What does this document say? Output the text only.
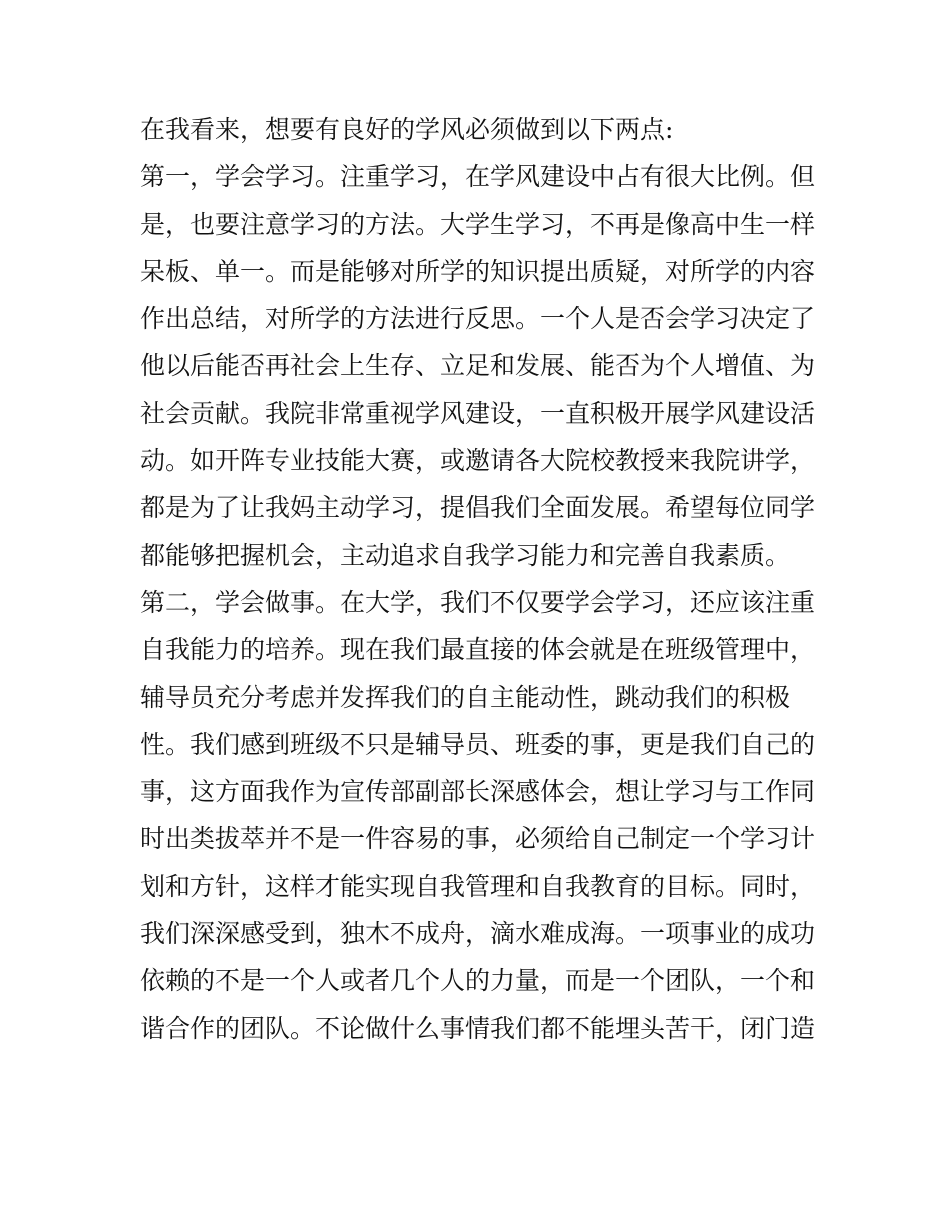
在我看来，想要有良好的学风必须做到以下两点:
第一，学会学习。注重学习，在学风建设中占有很大比例。但
是，也要注意学习的方法。大学生学习，不再是像高中生一样
呆板、单一。而是能够对所学的知识提出质疑，对所学的内容
作出总结，对所学的方法进行反思。一个人是否会学习决定了
他以后能否再社会上生存、立足和发展、能否为个人增值、为
社会贡献。我院非常重视学风建设，一直积极开展学风建设活
动。如开阵专业技能大赛，或邀请各大院校教授来我院讲学，
都是为了让我妈主动学习，提倡我们全面发展。希望每位同学
都能够把握机会，主动追求自我学习能力和完善自我素质。
第二，学会做事。在大学，我们不仅要学会学习，还应该注重
自我能力的培养。现在我们最直接的体会就是在班级管理中，
辅导员充分考虑并发挥我们的自主能动性，跳动我们的积极
性。我们感到班级不只是辅导员、班委的事，更是我们自己的
事，这方面我作为宣传部副部长深感体会，想让学习与工作同
时出类拔萃并不是一件容易的事，必须给自己制定一个学习计
划和方针，这样才能实现自我管理和自我教育的目标。同时，
我们深深感受到，独木不成舟，滴水难成海。一项事业的成功
依赖的不是一个人或者几个人的力量，而是一个团队，一个和
谐合作的团队。不论做什么事情我们都不能埋头苦干，闭门造
